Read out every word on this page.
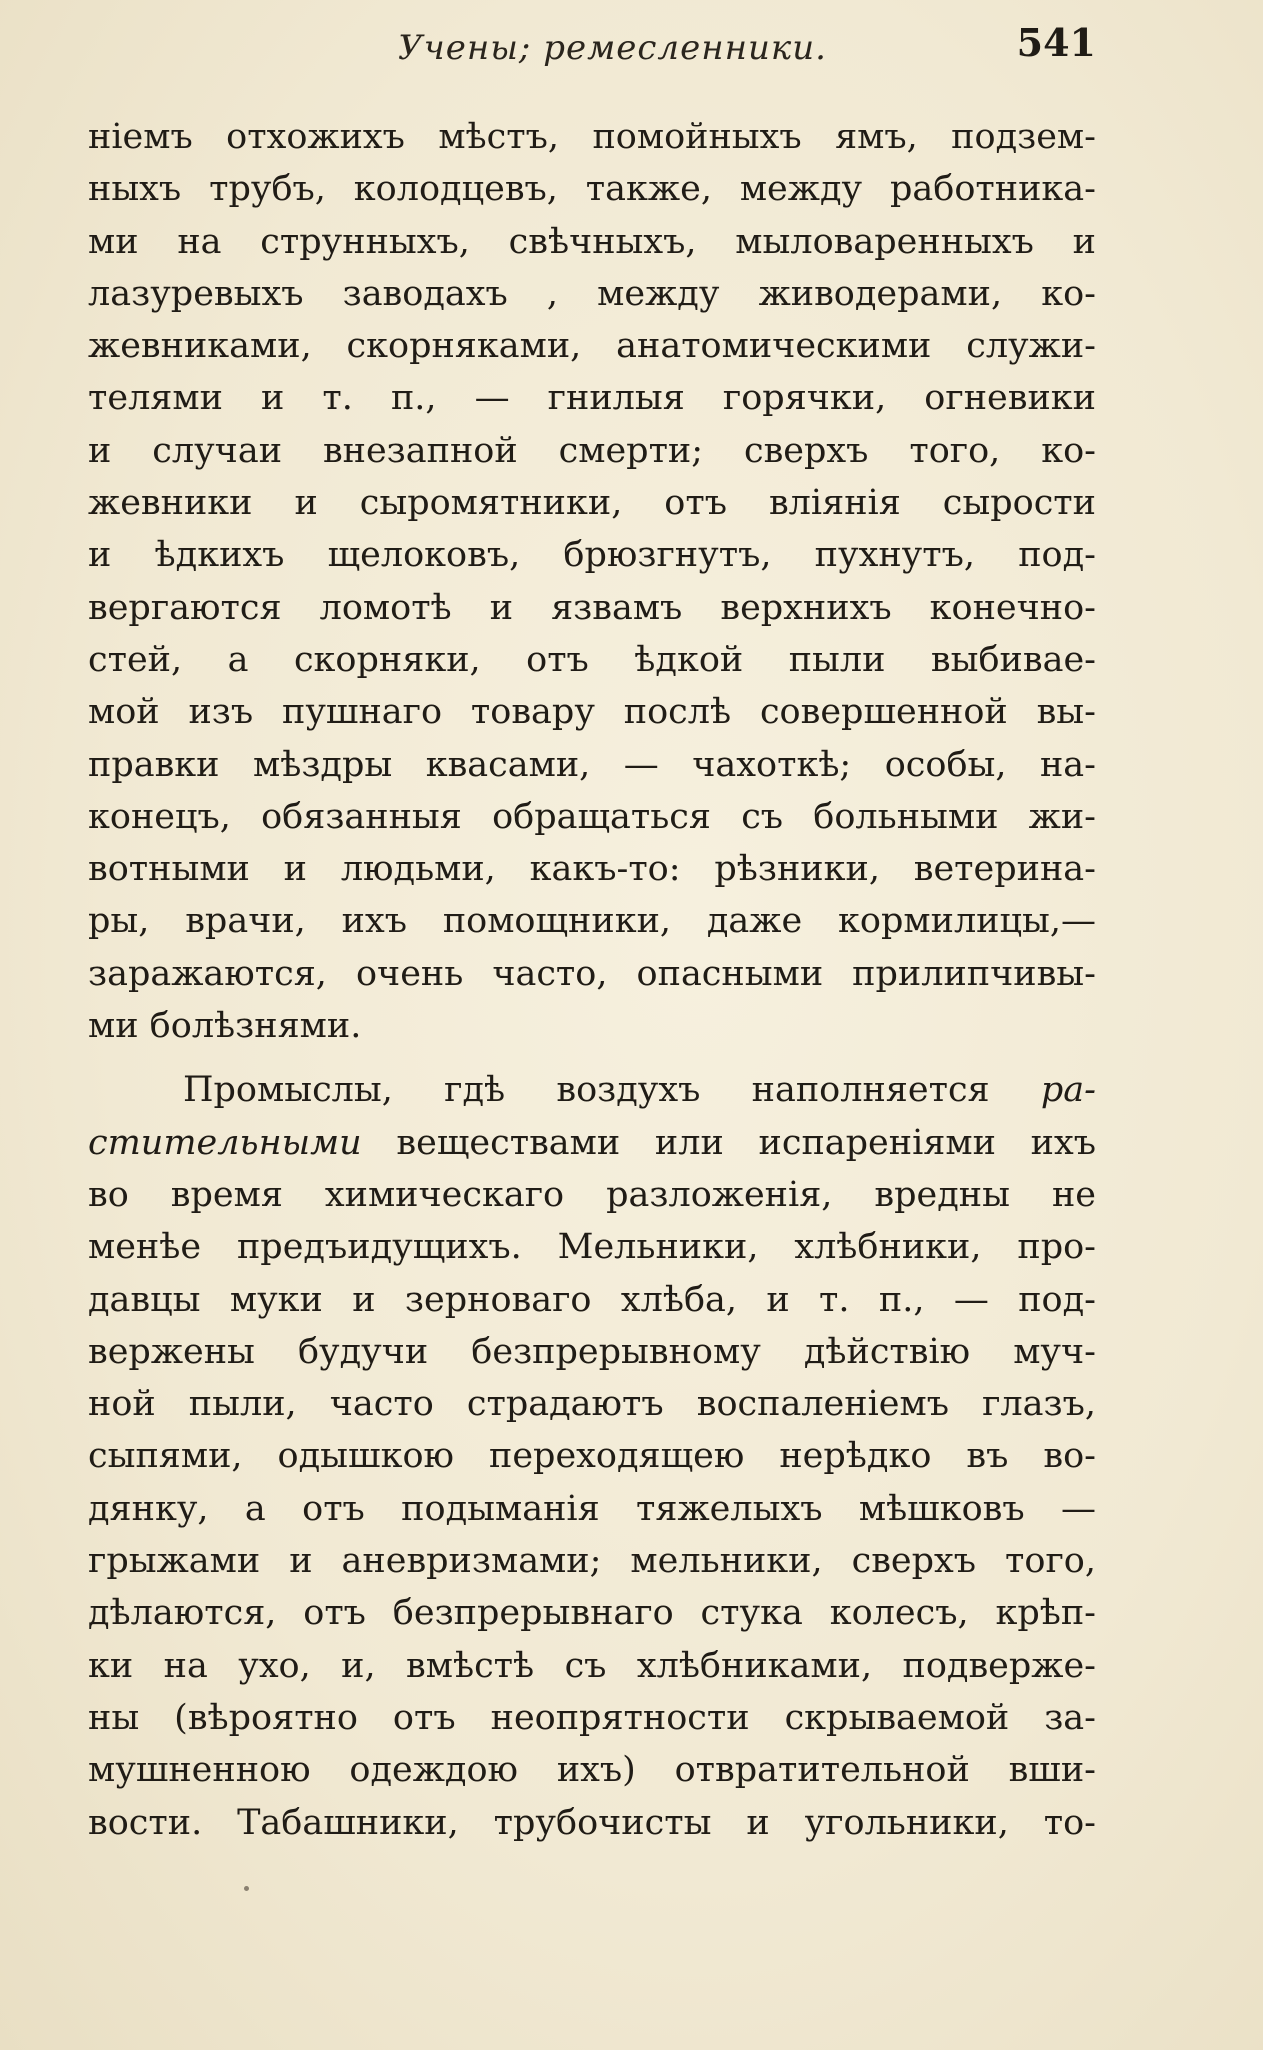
Учены; ремесленники.	541
нiемъ отхожихъ мѣстъ, помойныхъ ямъ, подзем-
ныхъ трубъ, колодцевъ, также, между работника-
ми на струнныхъ, свѣчныхъ, мыловаренныхъ и
лазуревыхъ заводахъ , между живодерами, ко-
жевниками, скорняками, анатомическими служи-
телями и т. п., — гнилыя горячки, огневики
и случаи внезапной смерти; сверхъ того, ко-
жевники и сыромятники, отъ влiянiя сырости
и ѣдкихъ щелоковъ, брюзгнутъ, пухнутъ, под-
вергаются ломотѣ и язвамъ верхнихъ конечно-
стей, а скорняки, отъ ѣдкой пыли выбивае-
мой изъ пушнаго товару послѣ совершенной вы-
правки мѣздры квасами, — чахоткѣ; особы, на-
конецъ, обязанныя обращаться съ больными жи-
вотными и людьми, какъ-то: рѣзники, ветерина-
ры, врачи, ихъ помощники, даже кормилицы,—
заражаются, очень часто, опасными прилипчивы-
ми болѣзнями.
Промыслы, гдѣ воздухъ наполняется ра-
стительными веществами или испаренiями ихъ
во время химическаго разложенiя, вредны не
менѣе предъидущихъ. Мельники, хлѣбники, про-
давцы муки и зерноваго хлѣба, и т. п., — под-
вержены будучи безпрерывному дѣйствiю муч-
ной пыли, часто страдаютъ воспаленiемъ глазъ,
сыпями, одышкою переходящею нерѣдко въ во-
дянку, а отъ подыманiя тяжелыхъ мѣшковъ —
грыжами и аневризмами; мельники, сверхъ того,
дѣлаются, отъ безпрерывнаго стука колесъ, крѣп-
ки на ухо, и, вмѣстѣ съ хлѣбниками, подверже-
ны (вѣроятно отъ неопрятности скрываемой за-
мушненною одеждою ихъ) отвратительной вши-
вости. Табашники, трубочисты и угольники, то-
